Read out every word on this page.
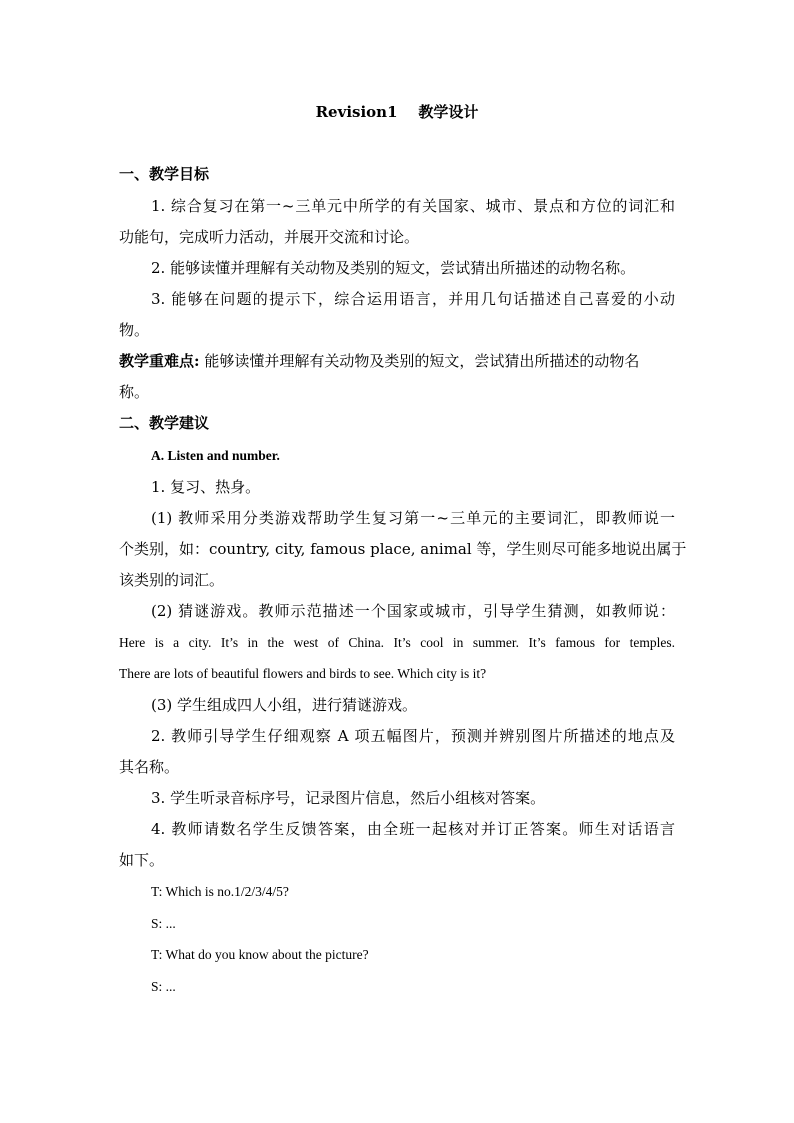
Revision1    教学设计
一、教学目标
1. 综合复习在第一~三单元中所学的有关国家、城市、景点和方位的词汇和
功能句，完成听力活动，并展开交流和讨论。
2. 能够读懂并理解有关动物及类别的短文，尝试猜出所描述的动物名称。
3. 能够在问题的提示下，综合运用语言，并用几句话描述自己喜爱的小动
物。
教学重难点: 能够读懂并理解有关动物及类别的短文，尝试猜出所描述的动物名
称。
二、教学建议
A. Listen and number.
1. 复习、热身。
(1) 教师采用分类游戏帮助学生复习第一~三单元的主要词汇，即教师说一
个类别，如：country, city, famous place, animal 等，学生则尽可能多地说出属于
该类别的词汇。
(2) 猜谜游戏。教师示范描述一个国家或城市，引导学生猜测，如教师说：
Here is a city. It’s in the west of China. It’s cool in summer. It’s famous for temples.
There are lots of beautiful flowers and birds to see. Which city is it?
(3) 学生组成四人小组，进行猜谜游戏。
2. 教师引导学生仔细观察 A 项五幅图片，预测并辨别图片所描述的地点及
其名称。
3. 学生听录音标序号，记录图片信息，然后小组核对答案。
4. 教师请数名学生反馈答案，由全班一起核对并订正答案。师生对话语言
如下。
T: Which is no.1/2/3/4/5?
S: ...
T: What do you know about the picture?
S: ...
